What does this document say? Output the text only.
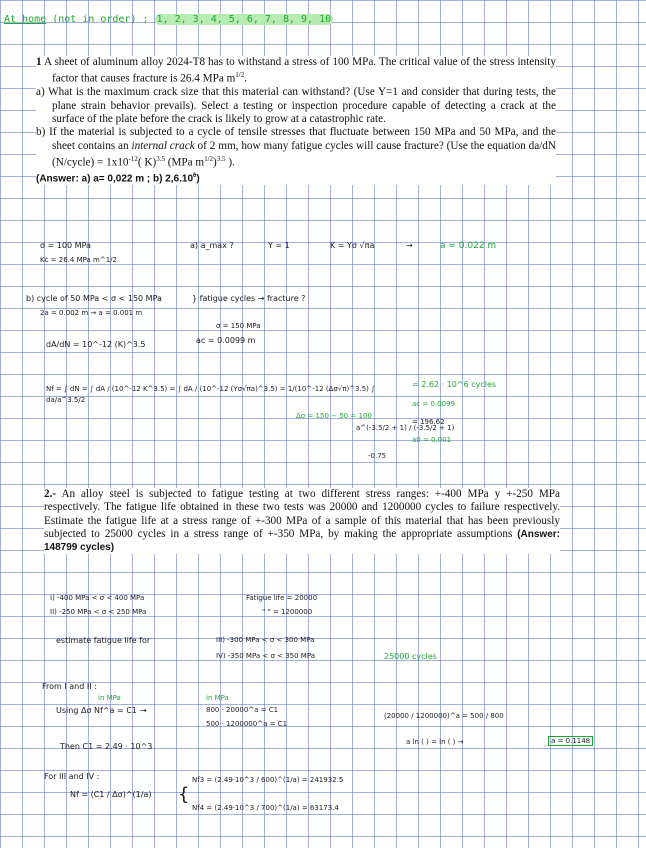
At home (not in order) : 1, 2, 3, 4, 5, 6, 7, 8, 9, 10

1 A sheet of aluminum alloy 2024-T8 has to withstand a stress of 100 MPa. The critical value of the stress intensity factor that causes fracture is 26.4 MPa $m^{1/2}$.

a) What is the maximum crack size that this material can withstand? (Use Y=1 and consider that during tests, the plane strain behavior prevails). Select a testing or inspection procedure capable of detecting a crack at the surface of the plate before the crack is likely to grow at a catastrophic rate.

b) If the material is subjected to a cycle of tensile stresses that fluctuate between 150 MPa and 50 MPa, and the sheet contains an internal crack of 2 mm, how many fatigue cycles will cause fracture? (Use the equation da/dN (N/cycle) = $1x10^{-12}$( K)$^{3.5}$ (MPa $m^{1/2})^{3.5}$ ).

(Answer: a) a= 0,022 m ; b) 2,6.10$^6$)

σ = 100 MPa
Kc = 26.4 MPa m^1/2
a) a_max ?	Y = 1	K = Yσ √πa	→	a = 0.022 m
b) cycle of 50 MPa < σ < 150 MPa
2a = 0.002 m → a = 0.001 m
} fatigue cycles → fracture ?
σ = 150 MPa
ac = 0.0099 m
dA/dN = 10^-12 (K)^3.5
Nf = ∫ dN = ∫ dA / (10^-12 K^3.5) = ∫ dA / (10^-12 (Yσ√πa)^3.5) = 1/(10^-12 (Δσ√π)^3.5) ∫ da/a^3.5/2
= 2.62 · 10^6 cycles
Δσ = 150 − 50 = 100
a^(-3.5/2 + 1) / (-3.5/2 + 1)
-0.75
ac = 0.0099
a0 = 0.001
= 196.62

2.- An alloy steel is subjected to fatigue testing at two different stress ranges: +-400 MPa y +-250 MPa respectively. The fatigue life obtained in these two tests was 20000 and 1200000 cycles to failure respectively. Estimate the fatigue life at a stress range of +-300 MPa of a sample of this material that has been previously subjected to 25000 cycles in a stress range of +-350 MPa, by making the appropriate assumptions (Answer: 148799 cycles)

I) -400 MPa < σ < 400 MPa
II) -250 MPa < σ < 250 MPa
Fatigue life = 20000
" " = 1200000
estimate fatigue life for	III) -300 MPa < σ < 300 MPa
IV) -350 MPa < σ < 350 MPa	25000 cycles
From I and II :
in MPa	in MPa
Using Δσ Nf^a = C1 →	800 · 20000^a = C1
500 · 1200000^a = C1
(20000 / 1200000)^a = 500 / 800
a ln ( ) = ln ( ) →	a = 0.1148
Then C1 = 2.49 · 10^3
For III and IV :
Nf = (C1 / Δσ)^(1/a) {
Nf3 = (2.49·10^3 / 600)^(1/a) = 241932.5
Nf4 = (2.49·10^3 / 700)^(1/a) = 63173.4
